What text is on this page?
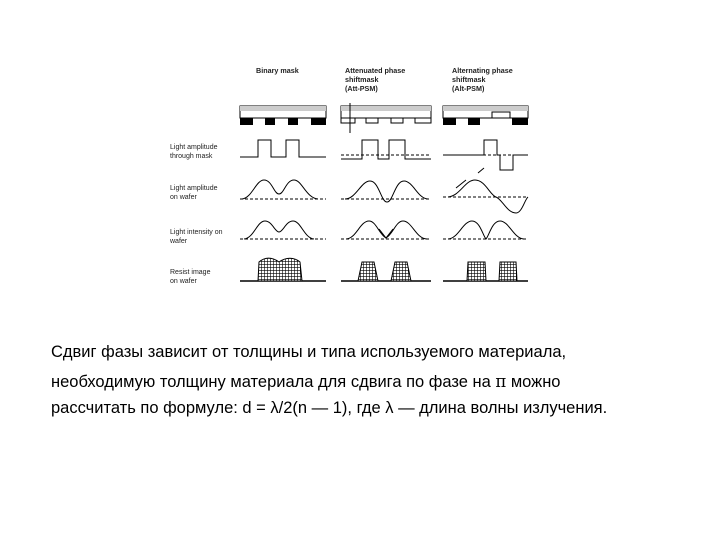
Binary mask	Attenuated phase
shiftmask
(Att-PSM)
Alternating phase
shiftmask
(Alt-PSM)
Light amplitude
through mask
Light amplitude
on wafer
Light intensity on
wafer
Resist image
on wafer
Сдвиг фазы зависит от толщины и типа используемого материала,
необходимую толщину материала для сдвига по фазе на π можно
рассчитать по формуле: d = λ/2(n — 1), где λ — длина волны излучения.
